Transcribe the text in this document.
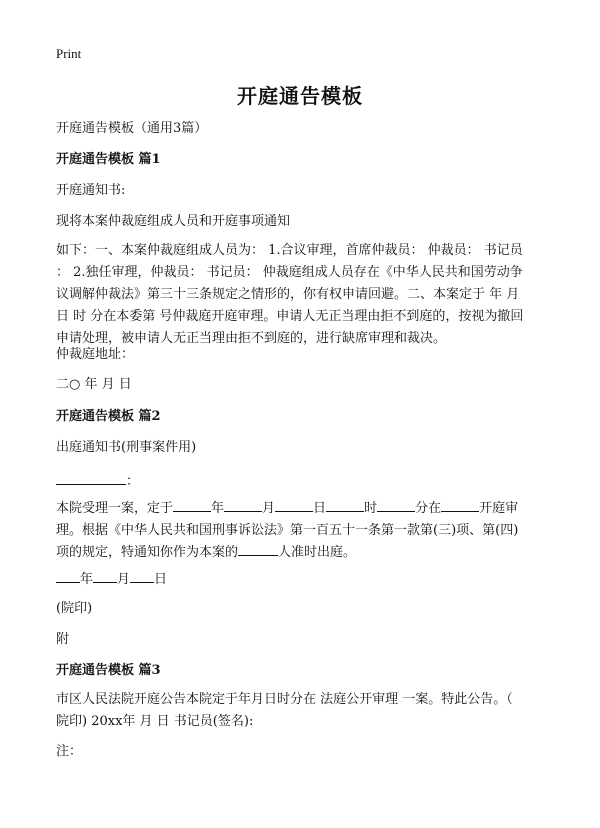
Print
开庭通告模板
开庭通告模板（通用3篇）
开庭通告模板 篇1
开庭通知书:
现将本案仲裁庭组成人员和开庭事项通知
如下：一、本案仲裁庭组成人员为： 1.合议审理，首席仲裁员： 仲裁员： 书记员
： 2.独任审理，仲裁员： 书记员： 仲裁庭组成人员存在《中华人民共和国劳动争
议调解仲裁法》第三十三条规定之情形的，你有权申请回避。二、本案定于 年 月
日 时 分在本委第 号仲裁庭开庭审理。申请人无正当理由拒不到庭的，按视为撤回
申请处理，被申请人无正当理由拒不到庭的，进行缺席审理和裁决。
仲裁庭地址：
二○ 年 月 日
开庭通告模板 篇2
出庭通知书(刑事案件用)
：
本院受理一案，定于	年	月	日	时	分在	开庭审
理。根据《中华人民共和国刑事诉讼法》第一百五十一条第一款第(三)项、第(四)
项的规定，特通知你作为本案的	人准时出庭。
年 月 日
(院印)
附
开庭通告模板 篇3
市区人民法院开庭公告本院定于年月日时分在 法庭公开审理 一案。特此公告。（
院印) 20xx年 月 日 书记员(签名):
注：
